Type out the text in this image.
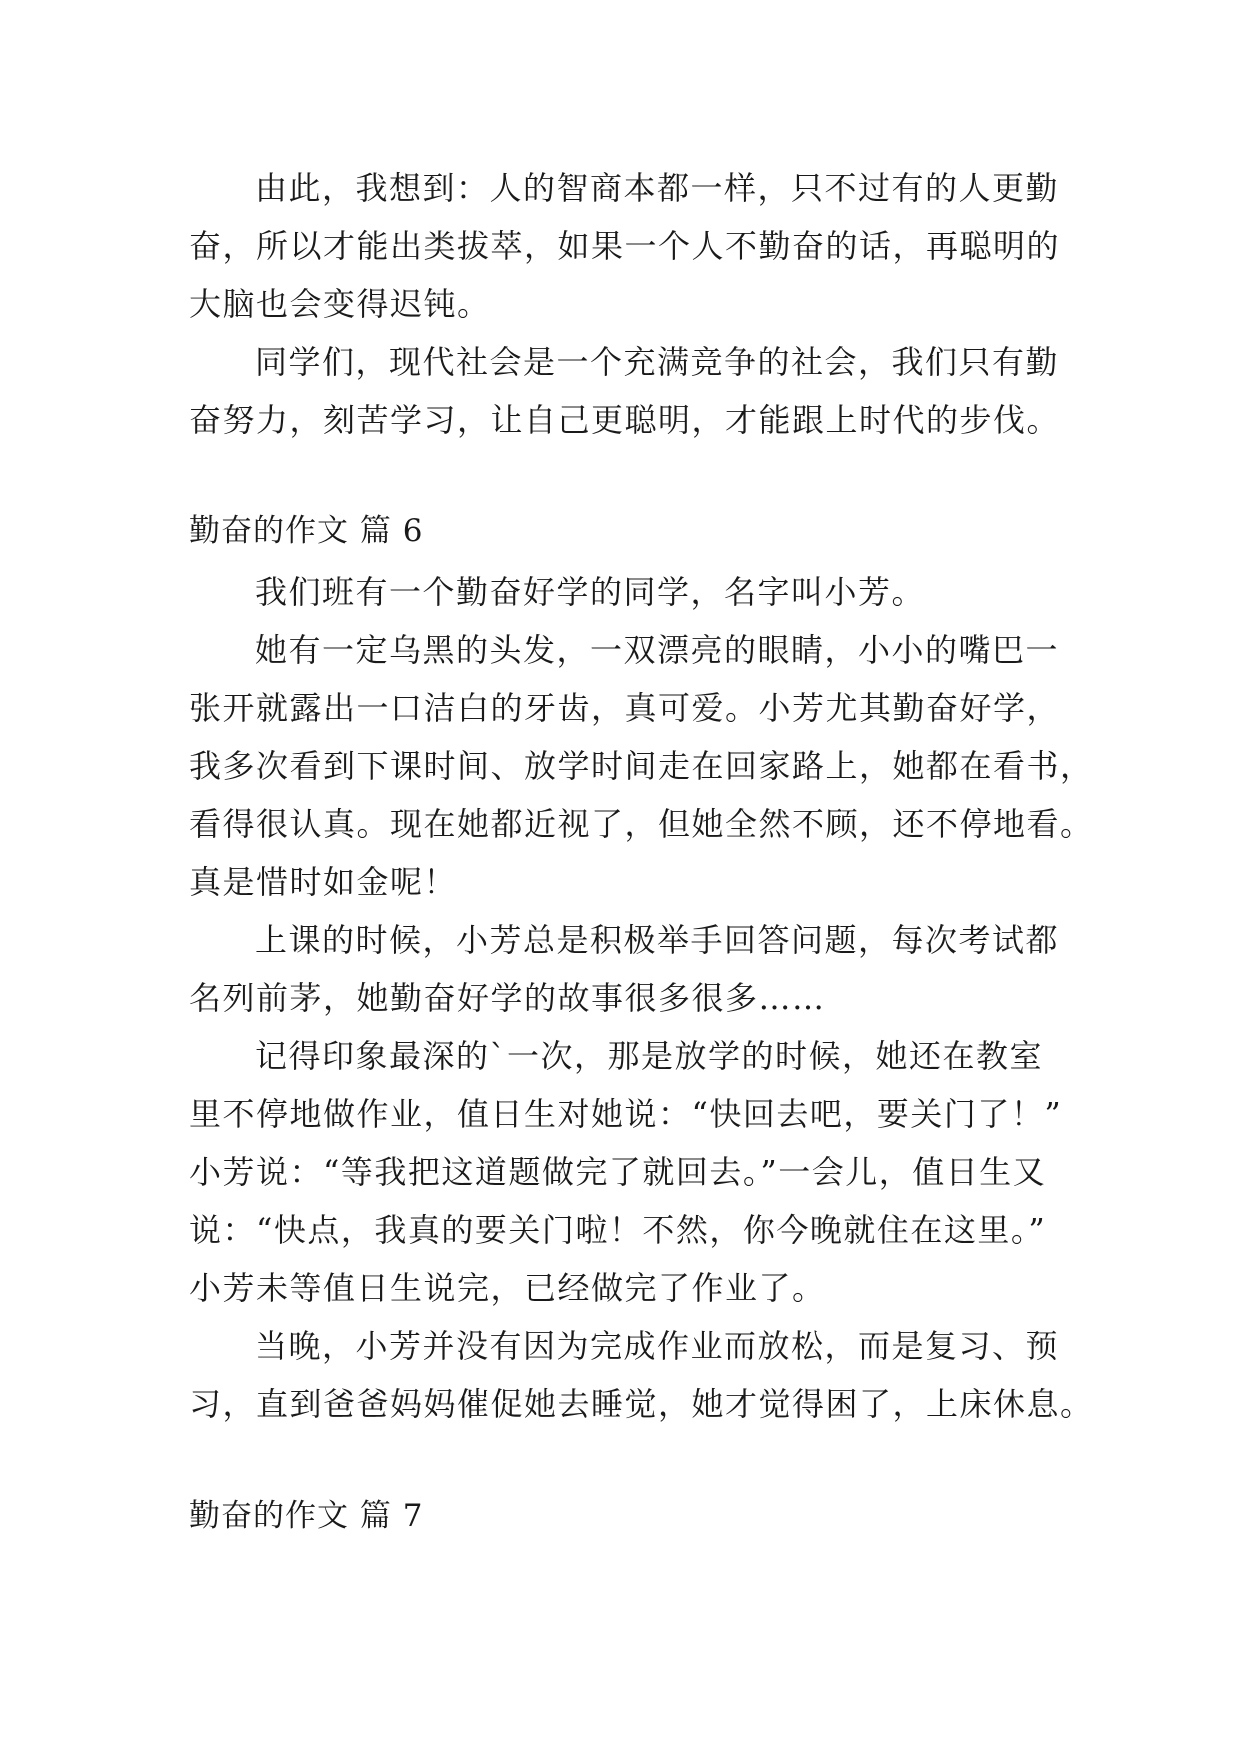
由此，我想到：人的智商本都一样，只不过有的人更勤
奋，所以才能出类拔萃，如果一个人不勤奋的话，再聪明的
大脑也会变得迟钝。
同学们，现代社会是一个充满竞争的社会，我们只有勤
奋努力，刻苦学习，让自己更聪明，才能跟上时代的步伐。
勤奋的作文 篇 6
我们班有一个勤奋好学的同学，名字叫小芳。
她有一定乌黑的头发，一双漂亮的眼睛，小小的嘴巴一
张开就露出一口洁白的牙齿，真可爱。小芳尤其勤奋好学，
我多次看到下课时间、放学时间走在回家路上，她都在看书，
看得很认真。现在她都近视了，但她全然不顾，还不停地看。
真是惜时如金呢！
上课的时候，小芳总是积极举手回答问题，每次考试都
名列前茅，她勤奋好学的故事很多很多……
记得印象最深的`一次，那是放学的时候，她还在教室
里不停地做作业，值日生对她说：“快回去吧，要关门了！”
小芳说：“等我把这道题做完了就回去。”一会儿，值日生又
说：“快点，我真的要关门啦！不然，你今晚就住在这里。”
小芳未等值日生说完，已经做完了作业了。
当晚，小芳并没有因为完成作业而放松，而是复习、预
习，直到爸爸妈妈催促她去睡觉，她才觉得困了，上床休息。
勤奋的作文 篇 7
